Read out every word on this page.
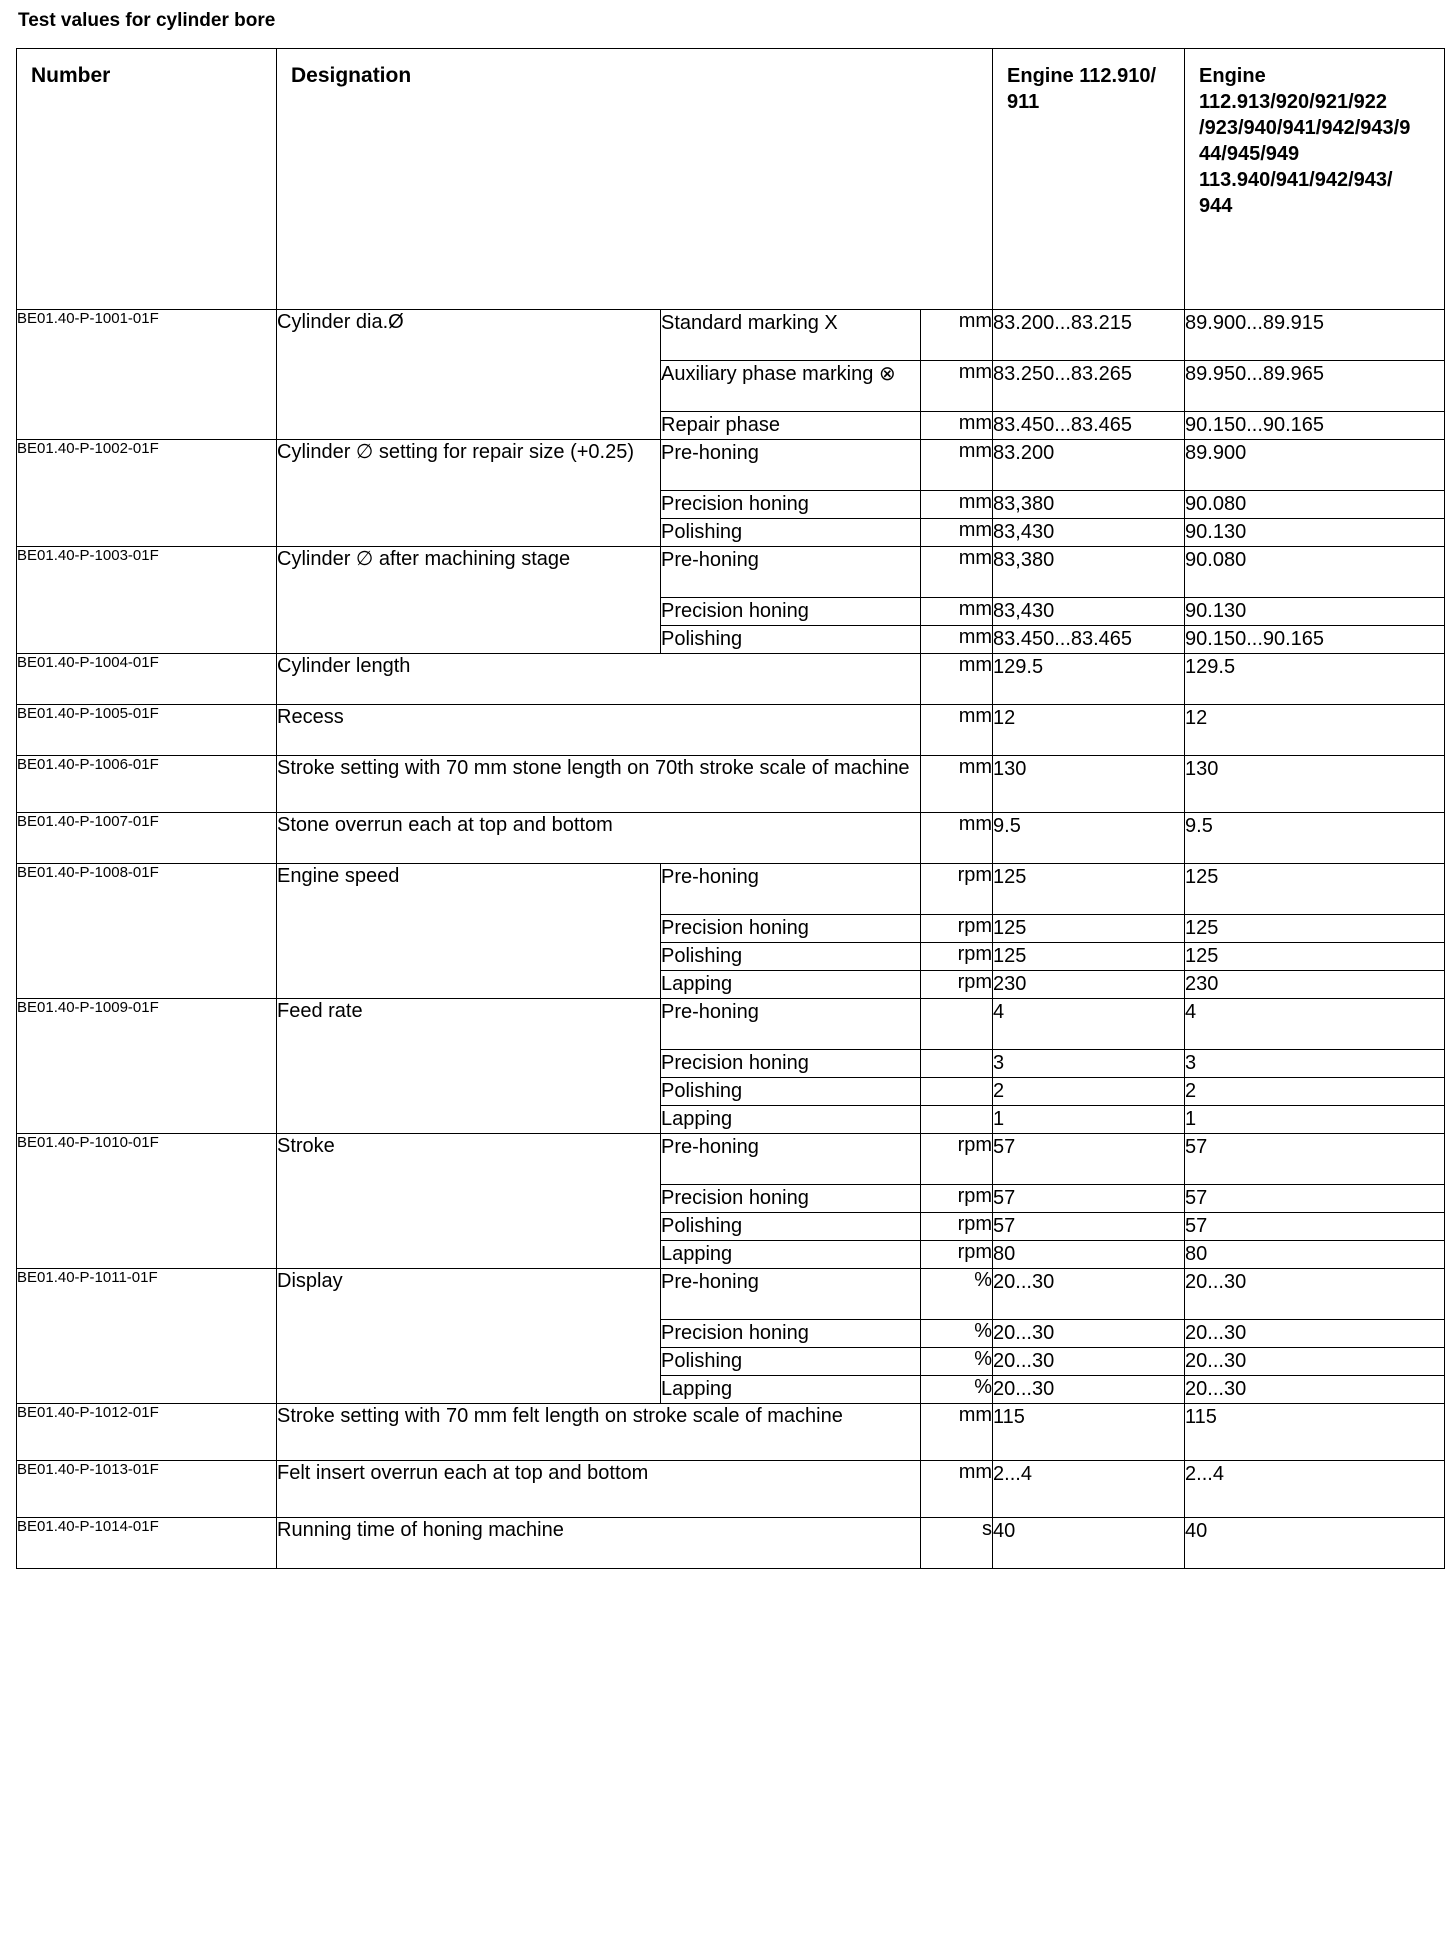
Test values for cylinder bore
Number	Designation			Engine 112.910/ 911	Engine 112.913/920/921/922 /923/940/941/942/943/9 44/945/949 113.940/941/942/943/ 944
BE01.40-P-1001-01F	Cylinder dia.Ø	Standard marking X	mm	83.200...83.215	89.900...89.915
		Auxiliary phase marking ⊗	mm	83.250...83.265	89.950...89.965
		Repair phase	mm	83.450...83.465	90.150...90.165
BE01.40-P-1002-01F	Cylinder ∅ setting for repair size (+0.25)	Pre-honing	mm	83.200	89.900
		Precision honing	mm	83,380	90.080
		Polishing	mm	83,430	90.130
BE01.40-P-1003-01F	Cylinder ∅ after machining stage	Pre-honing	mm	83,380	90.080
		Precision honing	mm	83,430	90.130
		Polishing	mm	83.450...83.465	90.150...90.165
BE01.40-P-1004-01F	Cylinder length		mm	129.5	129.5
BE01.40-P-1005-01F	Recess		mm	12	12
BE01.40-P-1006-01F	Stroke setting with 70 mm stone length on 70th stroke scale of machine		mm	130	130
BE01.40-P-1007-01F	Stone overrun each at top and bottom		mm	9.5	9.5
BE01.40-P-1008-01F	Engine speed	Pre-honing	rpm	125	125
		Precision honing	rpm	125	125
		Polishing	rpm	125	125
		Lapping	rpm	230	230
BE01.40-P-1009-01F	Feed rate	Pre-honing		4	4
		Precision honing		3	3
		Polishing		2	2
		Lapping		1	1
BE01.40-P-1010-01F	Stroke	Pre-honing	rpm	57	57
		Precision honing	rpm	57	57
		Polishing	rpm	57	57
		Lapping	rpm	80	80
BE01.40-P-1011-01F	Display	Pre-honing	%	20...30	20...30
		Precision honing	%	20...30	20...30
		Polishing	%	20...30	20...30
		Lapping	%	20...30	20...30
BE01.40-P-1012-01F	Stroke setting with 70 mm felt length on stroke scale of machine		mm	115	115
BE01.40-P-1013-01F	Felt insert overrun each at top and bottom		mm	2...4	2...4
BE01.40-P-1014-01F	Running time of honing machine		s	40	40
